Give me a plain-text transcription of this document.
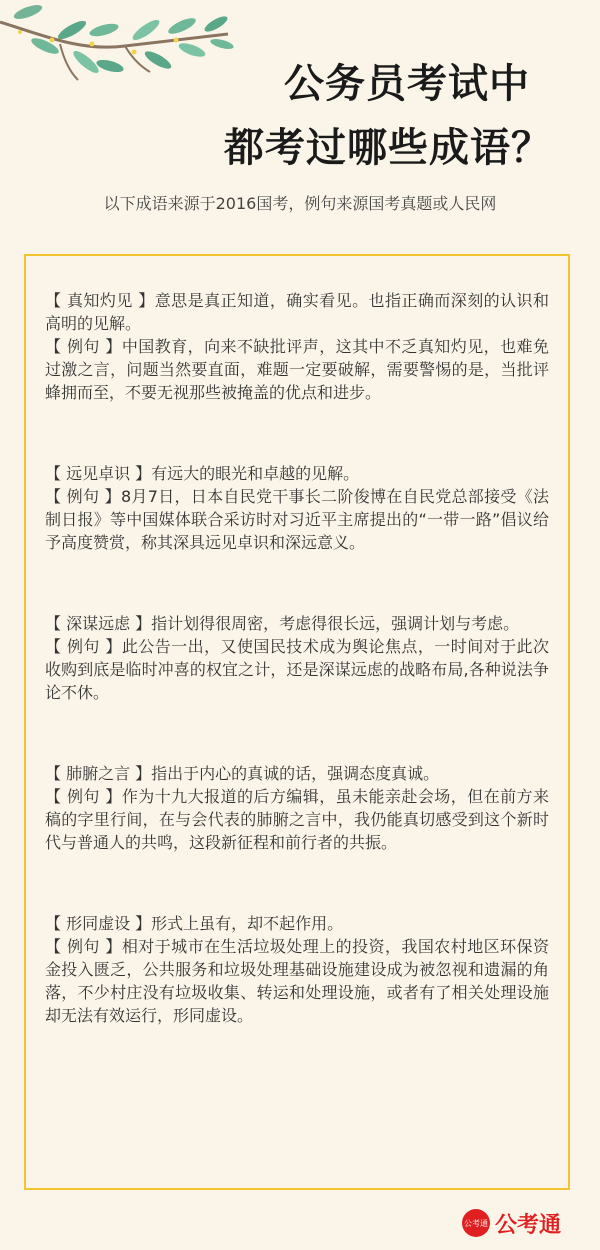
公务员考试中
都考过哪些成语？
以下成语来源于2016国考，例句来源国考真题或人民网

【 真知灼见 】意思是真正知道，确实看见。也指正确而深刻的认识和高明的见解。

【 例句 】中国教育，向来不缺批评声，这其中不乏真知灼见，也难免过激之言，问题当然要直面，难题一定要破解，需要警惕的是，当批评蜂拥而至，不要无视那些被掩盖的优点和进步。

【 远见卓识 】有远大的眼光和卓越的见解。

【 例句 】8月7日，日本自民党干事长二阶俊博在自民党总部接受《法制日报》等中国媒体联合采访时对习近平主席提出的“一带一路”倡议给予高度赞赏，称其深具远见卓识和深远意义。

【 深谋远虑 】指计划得很周密，考虑得很长远，强调计划与考虑。

【 例句 】此公告一出，又使国民技术成为舆论焦点，一时间对于此次收购到底是临时冲喜的权宜之计，还是深谋远虑的战略布局,各种说法争论不休。

【 肺腑之言 】指出于内心的真诚的话，强调态度真诚。

【 例句 】作为十九大报道的后方编辑，虽未能亲赴会场，但在前方来稿的字里行间，在与会代表的肺腑之言中，我仍能真切感受到这个新时代与普通人的共鸣，这段新征程和前行者的共振。

【 形同虚设 】形式上虽有，却不起作用。

【 例句 】相对于城市在生活垃圾处理上的投资，我国农村地区环保资金投入匮乏，公共服务和垃圾处理基础设施建设成为被忽视和遗漏的角落，不少村庄没有垃圾收集、转运和处理设施，或者有了相关处理设施却无法有效运行，形同虚设。

公考通 公考通
